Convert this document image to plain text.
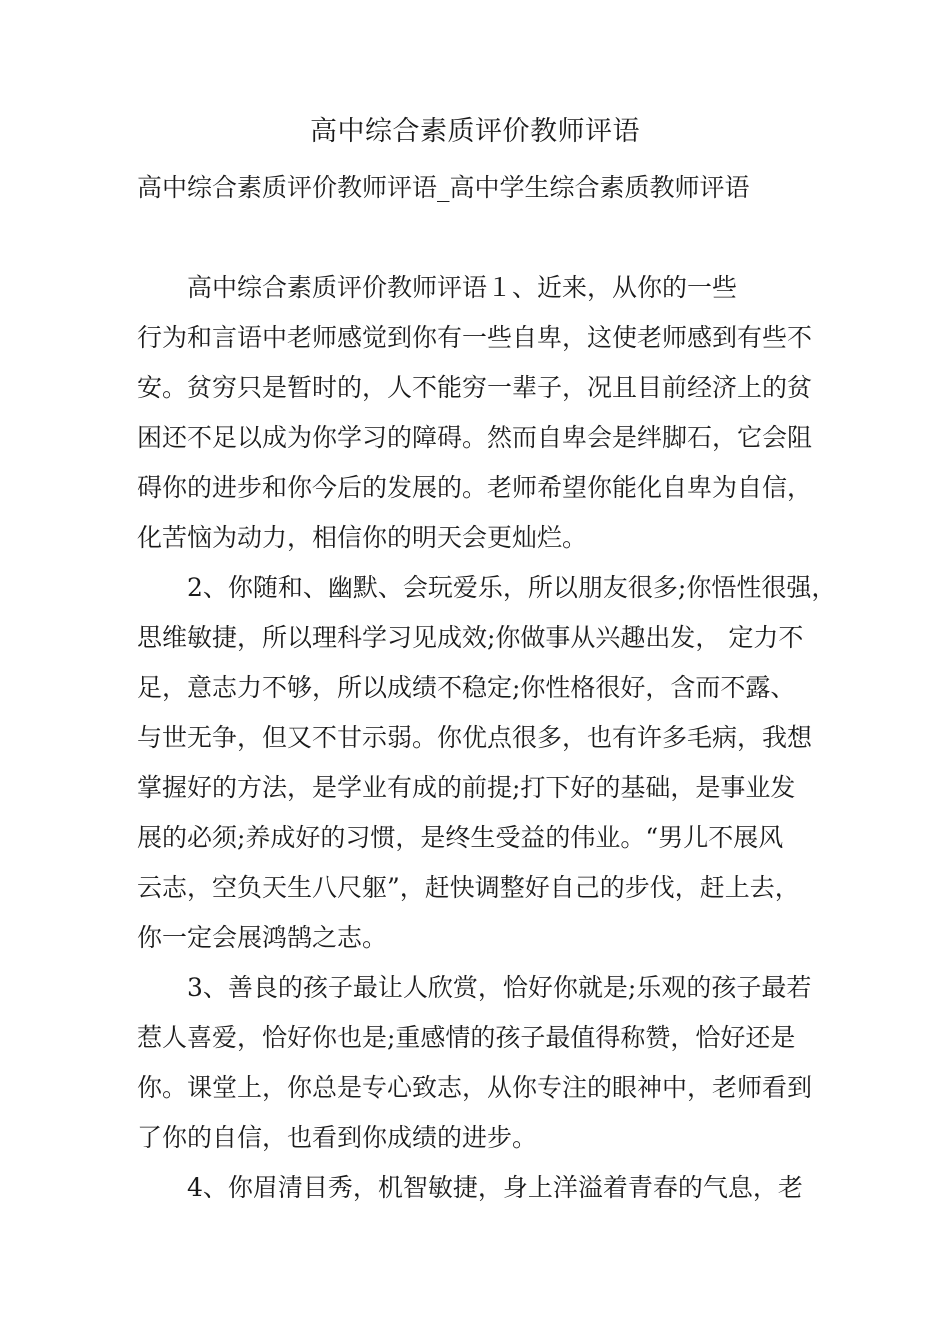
高中综合素质评价教师评语

高中综合素质评价教师评语_高中学生综合素质教师评语

高中综合素质评价教师评语１、近来，从你的一些
行为和言语中老师感觉到你有一些自卑，这使老师感到有些不
安。贫穷只是暂时的，人不能穷一辈子，况且目前经济上的贫
困还不足以成为你学习的障碍。然而自卑会是绊脚石，它会阻
碍你的进步和你今后的发展的。老师希望你能化自卑为自信，
化苦恼为动力，相信你的明天会更灿烂。
2、你随和、幽默、会玩爱乐，所以朋友很多;你悟性很强，
思维敏捷，所以理科学习见成效;你做事从兴趣出发， 定力不
足，意志力不够，所以成绩不稳定;你性格很好，含而不露、
与世无争，但又不甘示弱。你优点很多，也有许多毛病，我想
掌握好的方法，是学业有成的前提;打下好的基础，是事业发
展的必须;养成好的习惯，是终生受益的伟业。“男儿不展风
云志，空负天生八尺躯”，赶快调整好自己的步伐，赶上去，
你一定会展鸿鹄之志。
3、善良的孩子最让人欣赏，恰好你就是;乐观的孩子最若
惹人喜爱，恰好你也是;重感情的孩子最值得称赞，恰好还是
你。课堂上，你总是专心致志，从你专注的眼神中，老师看到
了你的自信，也看到你成绩的进步。
4、你眉清目秀，机智敏捷，身上洋溢着青春的气息，老
